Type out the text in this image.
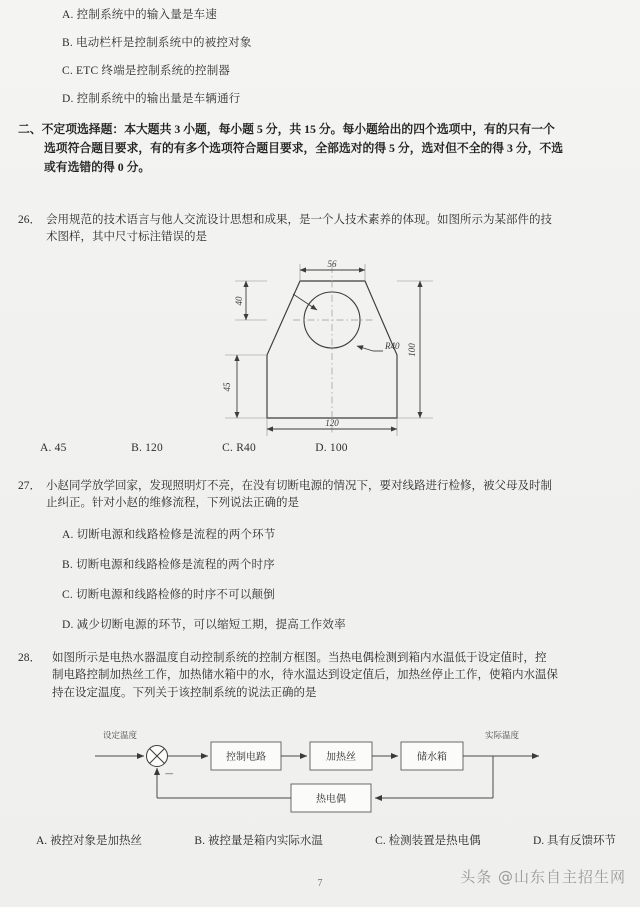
A. 控制系统中的输入量是车速
B. 电动栏杆是控制系统中的被控对象
C. ETC 终端是控制系统的控制器
D. 控制系统中的输出量是车辆通行
二、不定项选择题：本大题共 3 小题，每小题 5 分，共 15 分。每小题给出的四个选项中，有的只有一个
选项符合题目要求，有的有多个选项符合题目要求，全部选对的得 5 分，选对但不全的得 3 分，不选
或有选错的得 0 分。
26． 会用规范的技术语言与他人交流设计思想和成果，是一个人技术素养的体现。如图所示为某部件的技
术图样，其中尺寸标注错误的是
56
40
45
100
120
R40
A. 45	B. 120	C. R40	D. 100
27． 小赵同学放学回家，发现照明灯不亮，在没有切断电源的情况下，要对线路进行检修，被父母及时制
止纠正。针对小赵的维修流程，下列说法正确的是
A. 切断电源和线路检修是流程的两个环节
B. 切断电源和线路检修是流程的两个时序
C. 切断电源和线路检修的时序不可以颠倒
D. 减少切断电源的环节，可以缩短工期，提高工作效率
28． 如图所示是电热水器温度自动控制系统的控制方框图。当热电偶检测到箱内水温低于设定值时，控
制电路控制加热丝工作，加热储水箱中的水，待水温达到设定值后，加热丝停止工作，使箱内水温保
持在设定温度。下列关于该控制系统的说法正确的是
设定温度
—
控制电路	加热丝	储水箱
实际温度
热电偶
A. 被控对象是加热丝	B. 被控量是箱内实际水温	C. 检测装置是热电偶	D. 具有反馈环节
7	头条 @山东自主招生网
